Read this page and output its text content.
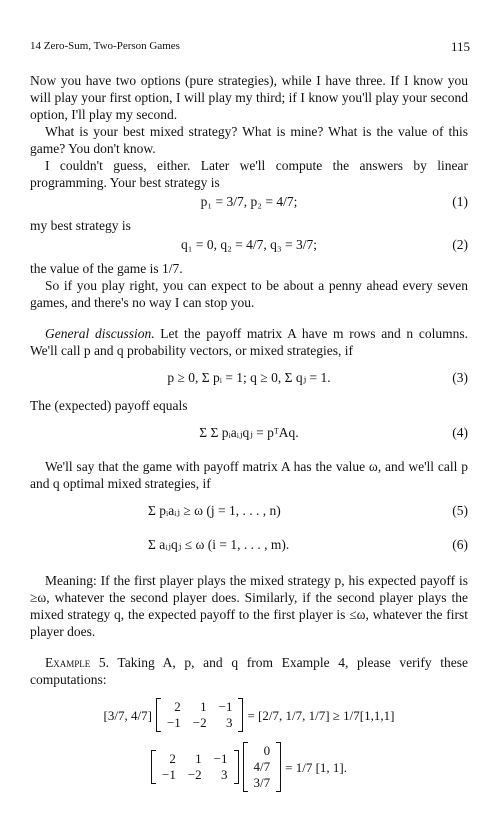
14 Zero-Sum, Two-Person Games	115

Now you have two options (pure strategies), while I have three. If I know you will play your first option, I will play my third; if I know you'll play your second option, I'll play my second.

What is your best mixed strategy? What is mine? What is the value of this game? You don't know.

I couldn't guess, either. Later we'll compute the answers by linear programming. Your best strategy is

p₁ = 3/7, p₂ = 4/7;	(1)

my best strategy is

q₁ = 0, q₂ = 4/7, q₃ = 3/7;	(2)

the value of the game is 1/7.

So if you play right, you can expect to be about a penny ahead every seven games, and there's no way I can stop you.

General discussion. Let the payoff matrix A have m rows and n columns. We'll call p and q probability vectors, or mixed strategies, if

p ≥ 0, Σ pᵢ = 1; q ≥ 0, Σ qⱼ = 1.	(3)

The (expected) payoff equals

Σ Σ pᵢaᵢⱼqⱼ = pᵀAq.	(4)

We'll say that the game with payoff matrix A has the value ω, and we'll call p and q optimal mixed strategies, if

Σ pᵢaᵢⱼ ≥ ω (j = 1, . . . , n)	(5)
Σ aᵢⱼqⱼ ≤ ω (i = 1, . . . , m).	(6)

Meaning: If the first player plays the mixed strategy p, his expected payoff is ≥ω, whatever the second player does. Similarly, if the second player plays the mixed strategy q, the expected payoff to the first player is ≤ω, whatever the first player does.

Example 5. Taking A, p, and q from Example 4, please verify these computations:

[3/7, 4/7]
2	1	−1
−1	−2	3 = [2/7, 1/7, 1/7] ≥ 1/7[1,1,1]
2	1	−1
−1	−2	3
0
4/7
3/7
= 1/7 [1, 1].
